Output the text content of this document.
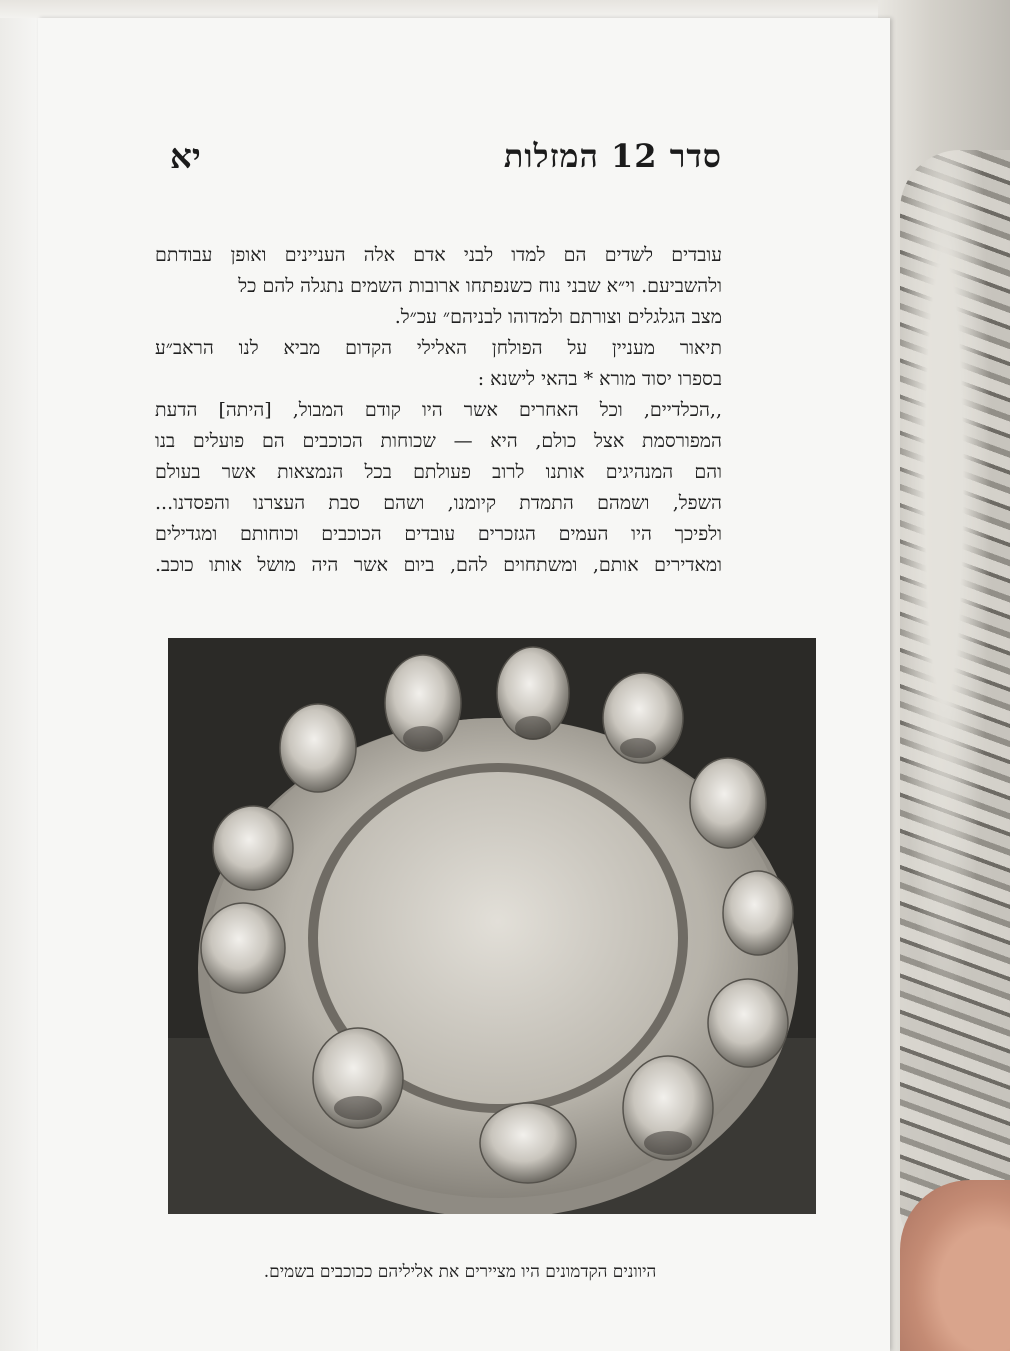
סדר 12 המזלות
יא
עובדים לשדים הם למדו לבני אדם אלה העניינים ואופן עבודתם
ולהשביעם. וי״א שבני נוח כשנפתחו ארובות השמים נתגלה להם כל
מצב הגלגלים וצורתם ולמדוהו לבניהם״ עכ״ל.
תיאור מעניין על הפולחן האלילי הקדום מביא לנו הראב״ע
בספרו יסוד מורא * בהאי לישנא :
,,הכלדיים, וכל האחרים אשר היו קודם המבול, [היתה] הדעת
המפורסמת אצל כולם, היא — שכוחות הכוכבים הם פועלים בנו
והם המנהיגים אותנו לרוב פעולתם בכל הנמצאות אשר בעולם
השפל, ושמהם התמדת קיומנו, ושהם סבת העצרנו והפסדנו...
ולפיכך היו העמים הגזכרים עובדים הכוכבים וכוחותם ומגדילים
ומאדירים אותם, ומשתחוים להם, ביום אשר היה מושל אותו כוכב.
היוונים הקדמונים היו מציירים את אליליהם ככוכבים בשמים.
